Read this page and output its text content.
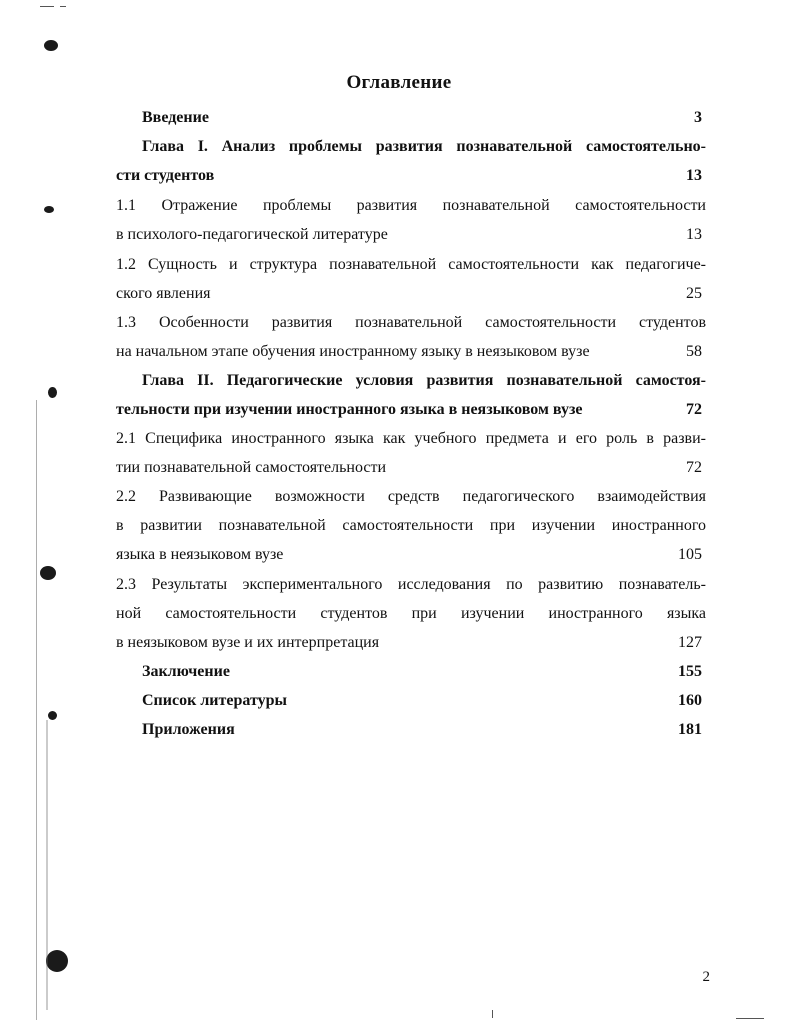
Оглавление
Введение	3
Глава I. Анализ проблемы развития познавательной самостоятельно-
сти студентов	13
1.1 Отражение проблемы развития познавательной самостоятельности
в психолого-педагогической литературе	13
1.2 Сущность и структура познавательной самостоятельности как педагогиче-
ского явления	25
1.3 Особенности развития познавательной самостоятельности студентов
на начальном этапе обучения иностранному языку в неязыковом вузе	58
Глава II. Педагогические условия развития познавательной самостоя-
тельности при изучении иностранного языка в неязыковом вузе	72
2.1 Специфика иностранного языка как учебного предмета и его роль в разви-
тии познавательной самостоятельности	72
2.2 Развивающие возможности средств педагогического взаимодействия
в развитии познавательной самостоятельности при изучении иностранного
языка в неязыковом вузе	105
2.3 Результаты экспериментального исследования по развитию познаватель-
ной самостоятельности студентов при изучении иностранного языка
в неязыковом вузе и их интерпретация	127
Заключение	155
Список литературы	160
Приложения	181
2
